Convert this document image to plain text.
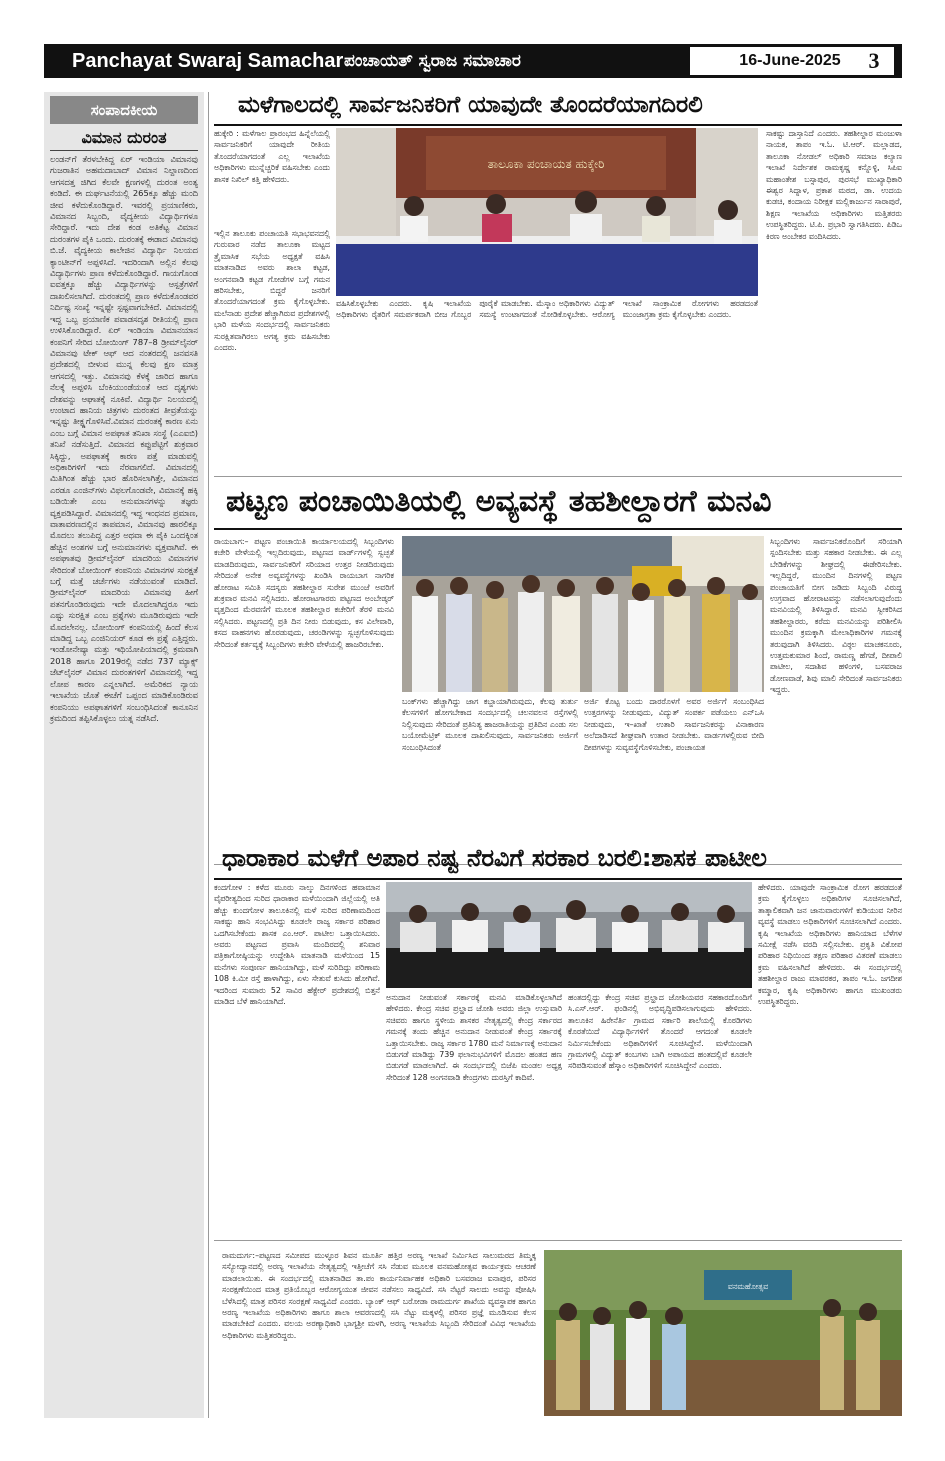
Panchayat Swaraj Samachar ಪಂಚಾಯತ್ ಸ್ವರಾಜ ಸಮಾಚಾರ	16-June-2025	3
ಸಂಪಾದಕೀಯ
ವಿಮಾನ ದುರಂತ
ಲಂಡನ್‌ಗೆ ತೆರಳಬೇಕಿದ್ದ ಏರ್ ಇಂಡಿಯಾ ವಿಮಾನವು ಗುಜರಾತಿನ ಅಹಮದಾಬಾದ್ ವಿಮಾನ ನಿಲ್ದಾಣದಿಂದ ಆಗಸದತ್ತ ಜಿಗಿದ ಕೆಲವೇ ಕ್ಷಣಗಳಲ್ಲಿ ದುರಂತ ಅಂತ್ಯ ಕಂಡಿದೆ. ಈ ದುರ್ಘಟನೆಯಲ್ಲಿ 265ಕ್ಕೂ ಹೆಚ್ಚು ಮಂದಿ ಜೀವ ಕಳೆದುಕೊಂಡಿದ್ದಾರೆ. ಇವರಲ್ಲಿ ಪ್ರಯಾಣಿಕರು, ವಿಮಾನದ ಸಿಬ್ಬಂದಿ, ವೈದ್ಯಕೀಯ ವಿದ್ಯಾರ್ಥಿಗಳೂ ಸೇರಿದ್ದಾರೆ. ಇದು ದೇಶ ಕಂಡ ಅತಿಕೆಟ್ಟ ವಿಮಾನ ದುರಂತಗಳ ಪೈಕಿ ಒಂದು. ದುರಂತಕ್ಕೆ ಈಡಾದ ವಿಮಾನವು ಬಿ.ಜೆ. ವೈದ್ಯಕೀಯ ಕಾಲೇಜಿನ ವಿದ್ಯಾರ್ಥಿ ನಿಲಯದ ಕ್ಯಾಂಟೀನ್‌ಗೆ ಅಪ್ಪಳಿಸಿದೆ. ಇದರಿಂದಾಗಿ ಅಲ್ಲಿನ ಕೆಲವು ವಿದ್ಯಾರ್ಥಿಗಳು ಪ್ರಾಣ ಕಳೆದುಕೊಂಡಿದ್ದಾರೆ. ಗಾಯಗೊಂಡ ಐವತ್ತಕ್ಕೂ ಹೆಚ್ಚು ವಿದ್ಯಾರ್ಥಿಗಳನ್ನು ಆಸ್ಪತ್ರೆಗಳಿಗೆ ದಾಖಲಿಸಲಾಗಿದೆ. ದುರಂತದಲ್ಲಿ ಪ್ರಾಣ ಕಳೆದುಕೊಂಡವರ ನಿರ್ದಿಷ್ಟ ಸಂಖ್ಯೆ ಇನ್ನಷ್ಟೇ ಸ್ಪಷ್ಟವಾಗಬೇಕಿದೆ. ವಿಮಾನದಲ್ಲಿ ಇದ್ದ ಒಬ್ಬ ಪ್ರಯಾಣಿಕ ಪವಾಡಸದೃಶ ರೀತಿಯಲ್ಲಿ ಪ್ರಾಣ ಉಳಿಸಿಕೊಂಡಿದ್ದಾರೆ. ಏರ್ ಇಂಡಿಯಾ ವಿಮಾನಯಾನ ಕಂಪನಿಗೆ ಸೇರಿದ ಬೋಯಿಂಗ್ 787–8 ಡ್ರೀಮ್‌ಲೈನರ್ ವಿಮಾನವು ಟೇಕ್ ಆಫ್ ಆದ ನಂತರದಲ್ಲಿ ಜನವಸತಿ ಪ್ರದೇಶದಲ್ಲಿ ಬೀಳುವ ಮುನ್ನ ಕೆಲವು ಕ್ಷಣ ಮಾತ್ರ ಆಗಸದಲ್ಲಿ ಇತ್ತು. ವಿಮಾನವು ಕೆಳಕ್ಕೆ ಜಾರಿದ ಹಾಗೂ ನೆಲಕ್ಕೆ ಅಪ್ಪಳಿಸಿ ಬೆಂಕಿಯುಂಡೆಯಂತೆ ಆದ ದೃಶ್ಯಗಳು ದೇಶವನ್ನು ಆಘಾತಕ್ಕೆ ನೂಕಿವೆ. ವಿದ್ಯಾರ್ಥಿ ನಿಲಯದಲ್ಲಿ ಉಂಟಾದ ಹಾನಿಯ ಚಿತ್ರಗಳು ದುರಂತದ ತೀವ್ರತೆಯನ್ನು ಇನ್ನಷ್ಟು ತೀಕ್ಷ್ಣಗೊಳಿಸಿವೆ.ವಿಮಾನ ದುರಂತಕ್ಕೆ ಕಾರಣ ಏನು ಎಂಬ ಬಗ್ಗೆ ವಿಮಾನ ಅಪಘಾತ ತನಿಖಾ ಸಂಸ್ಥೆ (ಎಎಐಬಿ) ತನಿಖೆ ನಡೆಸುತ್ತಿದೆ. ವಿಮಾನದ ಕಪ್ಪುಪೆಟ್ಟಿಗೆ ಶುಕ್ರವಾರ ಸಿಕ್ಕಿದ್ದು, ಅಪಘಾತಕ್ಕೆ ಕಾರಣ ಪತ್ತೆ ಮಾಡುವಲ್ಲಿ ಅಧಿಕಾರಿಗಳಿಗೆ ಇದು ನೆರವಾಗಲಿದೆ. ವಿಮಾನದಲ್ಲಿ ಮಿತಿಗಿಂತ ಹೆಚ್ಚು ಭಾರ ಹೊರಿಸಲಾಗಿತ್ತೇ, ವಿಮಾನದ ಎರಡೂ ಎಂಜಿನ್‌ಗಳು ವಿಫಲಗೊಂಡವೇ, ವಿಮಾನಕ್ಕೆ ಹಕ್ಕಿ ಬಡಿಯಿತೇ ಎಂಬ ಅನುಮಾನಗಳನ್ನು ತಜ್ಞರು ವ್ಯಕ್ತಪಡಿಸಿದ್ದಾರೆ. ವಿಮಾನದಲ್ಲಿ ಇದ್ದ ಇಂಧನದ ಪ್ರಮಾಣ, ವಾತಾವರಣದಲ್ಲಿನ ತಾಪಮಾನ, ವಿಮಾನವು ಹಾರಲಿಕ್ಕೂ ಮೊದಲು ತಲುಪಿದ್ದ ಎತ್ತರ ಅಥವಾ ಈ ಪೈಕಿ ಒಂದಕ್ಕಿಂತ ಹೆಚ್ಚಿನ ಅಂಶಗಳ ಬಗ್ಗೆ ಅನುಮಾನಗಳು ವ್ಯಕ್ತವಾಗಿವೆ. ಈ ಅಪಘಾತವು ಡ್ರೀಮ್‌ಲೈನರ್ ಮಾದರಿಯ ವಿಮಾನಗಳ ಸೇರಿದಂತೆ ಬೋಯಿಂಗ್ ಕಂಪನಿಯ ವಿಮಾನಗಳ ಸುರಕ್ಷತೆ ಬಗ್ಗೆ ಮತ್ತೆ ಚರ್ಚೆಗಳು ನಡೆಯುವಂತೆ ಮಾಡಿದೆ. ಡ್ರೀಮ್‌ಲೈನರ್ ಮಾದರಿಯ ವಿಮಾನವು ಹೀಗೆ ಪತನಗೊಂಡಿರುವುದು ಇದೇ ಮೊದಲಾಗಿದ್ದರೂ ಇದು ಎಷ್ಟು ಸುರಕ್ಷಿತ ಎಂಬ ಪ್ರಶ್ನೆಗಳು ಮೂಡಿರುವುದು ಇದೇ ಮೊದಲೇನಲ್ಲ. ಬೋಯಿಂಗ್ ಕಂಪನಿಯಲ್ಲಿ ಹಿಂದೆ ಕೆಲಸ ಮಾಡಿದ್ದ ಒಬ್ಬ ಎಂಜಿನಿಯರ್ ಕೂಡ ಈ ಪ್ರಶ್ನೆ ಎತ್ತಿದ್ದರು. ಇಂಡೋನೇಷ್ಯಾ ಮತ್ತು ಇಥಿಯೋಪಿಯಾದಲ್ಲಿ ಕ್ರಮವಾಗಿ 2018 ಹಾಗೂ 2019ರಲ್ಲಿ ನಡೆದ 737 ಮ್ಯಾಕ್ಸ್ ಜೆಟ್‌ಲೈನರ್ ವಿಮಾನ ದುರಂತಗಳಿಗೆ ವಿಮಾನದಲ್ಲಿ ಇದ್ದ ಲೋಪ ಕಾರಣ ಎನ್ನಲಾಗಿದೆ. ಅಮೆರಿಕದ ನ್ಯಾಯ ಇಲಾಖೆಯ ಜೊತೆ ಈಚೆಗೆ ಒಪ್ಪಂದ ಮಾಡಿಕೊಂಡಿರುವ ಕಂಪನಿಯು ಅಪಘಾತಗಳಿಗೆ ಸಂಬಂಧಿಸಿದಂತೆ ಕಾನೂನಿನ ಕ್ರಮದಿಂದ ತಪ್ಪಿಸಿಕೊಳ್ಳಲು ಯತ್ನ ನಡೆಸಿದೆ.
ಮಳೆಗಾಲದಲ್ಲಿ ಸಾರ್ವಜನಿಕರಿಗೆ ಯಾವುದೇ ತೊಂದರೆಯಾಗದಿರಲಿ
ಹುಕ್ಕೇರಿ : ಮಳೆಗಾಲ ಪ್ರಾರಂಭದ ಹಿನ್ನೆಲೆಯಲ್ಲಿ ಸಾರ್ವಜನಿಕರಿಗೆ ಯಾವುದೇ ರೀತಿಯ ತೊಂದರೆಯಾಗದಂತೆ ಎಲ್ಲ ಇಲಾಖೆಯ ಅಧಿಕಾರಿಗಳು ಮುನ್ನೆಚ್ಚರಿಕೆ ವಹಿಸಬೇಕು ಎಂದು ಶಾಸಕ ನಿಖಿಲ್ ಕತ್ತಿ ಹೇಳಿದರು.
ತಾಲೂಕಾ ಪಂಚಾಯತ ಹುಕ್ಕೇರಿ
ಇಲ್ಲಿನ ತಾಲೂಕು ಪಂಚಾಯತಿ ಸಭಾಭವನದಲ್ಲಿ ಗುರುವಾರ ನಡೆದ ತಾಲೂಕಾ ಮಟ್ಟದ ತ್ರೈಮಾಸಿಕ ಸಭೆಯ ಅಧ್ಯಕ್ಷತೆ ವಹಿಸಿ ಮಾತನಾಡಿದ ಅವರು ಶಾಲಾ ಕಟ್ಟಡ, ಅಂಗನವಾಡಿ ಕಟ್ಟಡ ಗೋಡೆಗಳ ಬಗ್ಗೆ ಗಮನ ಹರಿಸಬೇಕು, ಬಿದ್ದರೆ ಜನರಿಗೆ ತೊಂದರೆಯಾಗದಂತೆ ಕ್ರಮ ಕೈಗೊಳ್ಳಬೇಕು. ಮಲೆನಾಡು ಪ್ರದೇಶ ಹೆಚ್ಚಾಗಿರುವ ಪ್ರದೇಶಗಳಲ್ಲಿ ಭಾರಿ ಮಳೆಯ ಸಂದರ್ಭದಲ್ಲಿ ಸಾರ್ವಜನಿಕರು ಸುರಕ್ಷಿತವಾಗಿರಲು ಅಗತ್ಯ ಕ್ರಮ ವಹಿಸಬೇಕು ಎಂದರು.
ವಹಿಸಿಕೊಳ್ಳಬೇಕು ಎಂದರು. ಕೃಷಿ ಇಲಾಖೆಯ ಅಧಿಕಾರಿಗಳು ರೈತರಿಗೆ ಸಮರ್ಪಕವಾಗಿ ಬೀಜ ಗೊಬ್ಬರ ಪೂರೈಕೆ ಮಾಡಬೇಕು. ಮೆಸ್ಕಾಂ ಅಧಿಕಾರಿಗಳು ವಿದ್ಯುತ್ ಸಮಸ್ಯೆ ಉಂಟಾಗದಂತೆ ನೋಡಿಕೊಳ್ಳಬೇಕು. ಆರೋಗ್ಯ ಇಲಾಖೆ ಸಾಂಕ್ರಾಮಿಕ ರೋಗಗಳು ಹರಡದಂತೆ ಮುಂಜಾಗ್ರತಾ ಕ್ರಮ ಕೈಗೊಳ್ಳಬೇಕು ಎಂದರು.
ಸಾಕಷ್ಟು ದಾಸ್ತಾನಿದೆ ಎಂದರು. ತಹಶೀಲ್ದಾರ ಮಂಜುಳಾ ನಾಯಕ, ತಾಪಂ ಇ.ಓ. ಟಿ.ಆರ್. ಮಲ್ಲಾಡದ, ತಾಲೂಕಾ ನೋಡಲ್ ಅಧಿಕಾರಿ ಸಮಾಜ ಕಲ್ಯಾಣ ಇಲಾಖೆ ನಿರ್ದೇಶಕ ರಾಮಕೃಷ್ಣ ಕನ್ನೊಳ್ಳಿ, ಸಿಪಿಐ ಮಹಾಂತೇಶ ಬಸ್ಸಾಪುರ, ಪುರಸಭೆ ಮುಖ್ಯಾಧಿಕಾರಿ ಈಶ್ವರ ಸಿದ್ನಾಳ, ಪ್ರಕಾಶ ಮಠದ, ಡಾ. ಉದಯ ಕುಡಚಿ, ಕಂದಾಯ ನಿರೀಕ್ಷಕ ಮಲ್ಲಿಕಾರ್ಜುನ ಸಾರಾಪುರೆ, ಶಿಕ್ಷಣ ಇಲಾಖೆಯ ಅಧಿಕಾರಿಗಳು ಮತ್ತಿತರರು ಉಪಸ್ಥಿತರಿದ್ದರು. ಟಿ.ಪಿ. ಪ್ರಭಾರಿ ಸ್ವಾಗತಿಸಿದರು. ಪಿಡಿಒ ಕಿರಣ ಅಂಬೇಕರ ವಂದಿಸಿದರು.
ಪಟ್ಟಣ ಪಂಚಾಯಿತಿಯಲ್ಲಿ ಅವ್ಯವಸ್ಥೆ ತಹಶೀಲ್ದಾರಗೆ ಮನವಿ
ರಾಯಬಾಗ:– ಪಟ್ಟಣ ಪಂಚಾಯಿತಿ ಕಾರ್ಯಾಲಯದಲ್ಲಿ ಸಿಬ್ಬಂದಿಗಳು ಕಚೇರಿ ವೇಳೆಯಲ್ಲಿ ಇಲ್ಲದಿರುವುದು, ಪಟ್ಟಣದ ವಾರ್ಡ್‌ಗಳಲ್ಲಿ ಸ್ವಚ್ಛತೆ ಮಾಡದಿರುವುದು, ಸಾರ್ವಜನಿಕರಿಗೆ ಸರಿಯಾದ ಉತ್ತರ ನೀಡದಿರುವುದು ಸೇರಿದಂತೆ ಅನೇಕ ಅವ್ಯವಸ್ಥೆಗಳನ್ನು ಖಂಡಿಸಿ ರಾಯಬಾಗ ನಾಗರಿಕ ಹೋರಾಟ ಸಮಿತಿ ಸದಸ್ಯರು ತಹಶೀಲ್ದಾರ ಸುರೇಶ ಮುಂಜೆ ಅವರಿಗೆ ಶುಕ್ರವಾರ ಮನವಿ ಸಲ್ಲಿಸಿದರು. ಹೋರಾಟಗಾರರು ಪಟ್ಟಣದ ಅಂಬೇಡ್ಕರ್ ವೃತ್ತದಿಂದ ಮೆರವಣಿಗೆ ಮೂಲಕ ತಹಶೀಲ್ದಾರ ಕಚೇರಿಗೆ ತೆರಳಿ ಮನವಿ ಸಲ್ಲಿಸಿದರು. ಪಟ್ಟಣದಲ್ಲಿ ಪ್ರತಿ ದಿನ ನೀರು ಬಿಡುವುದು, ಕಸ ವಿಲೇವಾರಿ, ಕಸದ ವಾಹನಗಳು ಹೊರಡುವುದು, ಚರಂಡಿಗಳನ್ನು ಸ್ವಚ್ಛಗೊಳಿಸುವುದು ಸೇರಿದಂತೆ ಕರ್ತವ್ಯಕ್ಕೆ ಸಿಬ್ಬಂದಿಗಳು ಕಚೇರಿ ವೇಳೆಯಲ್ಲಿ ಹಾಜರಿರಬೇಕು.
ಬಂಕ್‌ಗಳು ಹೆಚ್ಚಾಗಿದ್ದು ಜಾಗ ಕಬ್ಜಾಯಾಗಿರುವುದು, ಕೆಲವು ತುರ್ತು ಕೆಲಸಗಳಿಗೆ ಹೋಗಬೇಕಾದ ಸಂದರ್ಭದಲ್ಲಿ ಚಲನವಲನ ರಸ್ತೆಗಳಲ್ಲಿ ನಿಲ್ಲಿಸುವುದು ಸೇರಿದಂತೆ ಪ್ರತಿನಿತ್ಯ ಹಾಜರಾತಿಯನ್ನು ಪ್ರತಿದಿನ ಎಂಡು ಸಲ ಬಯೋಮೆಟ್ರಿಕ್ ಮೂಲಕ ದಾಖಲಿಸುವುದು, ಸಾರ್ವಜನಿಕರು ಅರ್ಜಿಗೆ ಸಂಬಂಧಿಸಿದಂತೆ
ಅರ್ಜಿ ಕೊಟ್ಟ ಬಂದು ದಾರರೊಳಗೆ ಅವರ ಅರ್ಜಿಗೆ ಸಂಬಂಧಿಸಿದ ಉತ್ತರಗಳನ್ನು ನೀಡುವುದು, ವಿದ್ಯುತ್ ಸಂಪರ್ಕ ಪಡೆಯಲು ಎನ್‌ಒಸಿ ನೀಡುವುದು, ಇ–ಖಾತೆ ಉತಾರಿ ಸಾರ್ವಜನಿಕರನ್ನು ವಿನಾಕಾರಣ ಅಲೆದಾಡಿಸದೆ ಶೀಘ್ರವಾಗಿ ಉತಾರ ನೀಡಬೇಕು. ವಾರ್ಡಗಳಲ್ಲಿರುವ ಬೀದಿ ದೀಪಗಳನ್ನು ಸುವ್ಯವಸ್ಥೆಗೊಳಿಸಬೇಕು, ಪಂಚಾಯತ
ಸಿಬ್ಬಂದಿಗಳು ಸಾರ್ವಜನಿಕರೊಂದಿಗೆ ಸರಿಯಾಗಿ ಸ್ಪಂದಿಸಬೇಕು ಮತ್ತು ಸಹಕಾರ ನೀಡಬೇಕು. ಈ ಎಲ್ಲ ಬೇಡಿಕೆಗಳನ್ನು ಶೀಘ್ರದಲ್ಲಿ ಈಡೇರಿಸಬೇಕು. ಇಲ್ಲದಿದ್ದರೆ, ಮುಂದಿನ ದಿನಗಳಲ್ಲಿ ಪಟ್ಟಣ ಪಂಚಾಯತಿಗೆ ಬೀಗ ಜಡಿದು ಸಿಬ್ಬಂದಿ ವಿರುದ್ಧ ಉಗ್ರವಾದ ಹೋರಾಟವನ್ನು ನಡೆಸಲಾಗುವುದೆಂದು ಮನವಿಯಲ್ಲಿ ತಿಳಿಸಿದ್ದಾರೆ. ಮನವಿ ಸ್ವೀಕರಿಸಿದ ತಹಶೀಲ್ದಾರರು, ಕರೆದು ಮನವಿಯನ್ನು ಪರಿಶೀಲಿಸಿ ಮುಂದಿನ ಕ್ರಮಕ್ಕಾಗಿ ಮೇಲಾಧಿಕಾರಿಗಳ ಗಮನಕ್ಕೆ ತರುವುದಾಗಿ ತಿಳಿಸಿದರು. ವಿಠ್ಠಲ ಮಾಚಕನೂರು, ಉತ್ತಮಕುಮಾರ ಶಿಂದೆ, ರಾಮಣ್ಣ ಹೆಗಡೆ, ದೀಪಾಲಿ ಪಾಟೀಲ, ಸದಾಶಿವ ಹಳಿಂಗಳಿ, ಬಸವರಾಜ ಡೋಣವಾಡೆ, ಶಿವು ಮಾಲಿ ಸೇರಿದಂತೆ ಸಾರ್ವಜನಿಕರು ಇದ್ದರು.
ಧಾರಾಕಾರ ಮಳೆಗೆ ಅಪಾರ ನಷ್ಟ ನೆರವಿಗೆ ಸರಕಾರ ಬರಲಿ:ಶಾಸಕ ಪಾಟೀಲ
ಕಂದಗೋಳ : ಕಳೆದ ಮೂರು ನಾಲ್ಕು ದಿನಗಳಿಂದ ಹವಾಮಾನ ವೈಪರೀತ್ಯದಿಂದ ಸುರಿದ ಧಾರಾಕಾರ ಮಳೆಯಿಂದಾಗಿ ಜಿಲ್ಲೆಯಲ್ಲಿ ಅತಿ ಹೆಚ್ಚು ಕುಂದಗೋಳ ತಾಲೂಕಿನಲ್ಲಿ ಮಳೆ ಸುರಿದ ಪರಿಣಾಮದಿಂದ ಸಾಕಷ್ಟು ಹಾನಿ ಸಂಭವಿಸಿದ್ದು ಕೂಡಲೇ ರಾಜ್ಯ ಸರ್ಕಾರ ಪರಿಹಾರ ಒದಗಿಸಬೇಕೆಂದು ಶಾಸಕ ಎಂ.ಆರ್. ಪಾಟೀಲ ಒತ್ತಾಯಿಸಿದರು. ಅವರು ಪಟ್ಟಣದ ಪ್ರವಾಸಿ ಮಂದಿರದಲ್ಲಿ ಶನಿವಾರ ಪತ್ರಿಕಾಗೋಷ್ಠಿಯನ್ನು ಉದ್ದೇಶಿಸಿ ಮಾತನಾಡಿ ಮಳೆಯಿಂದ 15 ಮನೆಗಳು ಸಂಪೂರ್ಣ ಹಾನಿಯಾಗಿದ್ದು, ಮಳೆ ಸುರಿದಿದ್ದು ಪರಿಣಾಮ 108 ಕಿ.ಮೀ ರಸ್ತೆ ಹಾಳಾಗಿದ್ದು, ಏಳು ಸೇತುವೆ ಕುಸಿದು ಹೋಗಿವೆ. ಇದರಿಂದ ಸುಮಾರು 52 ಸಾವಿರ ಹೆಕ್ಟೇರ್ ಪ್ರದೇಶದಲ್ಲಿ ಬಿತ್ತನೆ ಮಾಡಿದ ಬೆಳೆ ಹಾನಿಯಾಗಿದೆ.	ಅನುದಾನ ನೀಡುವಂತೆ ಸರ್ಕಾರಕ್ಕೆ ಮನವಿ ಮಾಡಿಕೊಳ್ಳಲಾಗಿದೆ ಹೇಳಿದರು. ಕೇಂದ್ರ ಸಚಿವ ಪ್ರಲ್ಹಾದ ಜೋಶಿ ಅವರು ಜಿಲ್ಲಾ ಉಸ್ತುವಾರಿ ಸಚಿವರು ಹಾಗೂ ಸ್ಥಳೀಯ ಶಾಸಕರ ನೇತೃತ್ವದಲ್ಲಿ ಕೇಂದ್ರ ಸರ್ಕಾರದ ಗಮನಕ್ಕೆ ತಂದು ಹೆಚ್ಚಿನ ಅನುದಾನ ನೀಡುವಂತೆ ಕೇಂದ್ರ ಸರ್ಕಾರಕ್ಕೆ ಒತ್ತಾಯಿಸಬೇಕು. ರಾಜ್ಯ ಸರ್ಕಾರ 1780 ಮನೆ ನಿರ್ಮಾಣಕ್ಕೆ ಅನುದಾನ ಬಿಡುಗಡೆ ಮಾಡಿದ್ದು 739 ಫಲಾನುಭವಿಗಳಿಗೆ ಮೊದಲ ಹಂತದ ಹಣ ಬಿಡುಗಡೆ ಮಾಡಲಾಗಿದೆ. ಈ ಸಂದರ್ಭದಲ್ಲಿ ಬಿಜೆಪಿ ಮಂಡಲ ಅಧ್ಯಕ್ಷ ಸೇರಿದಂತೆ 128 ಅಂಗನವಾಡಿ ಕೇಂದ್ರಗಳು ದುರಸ್ತಿಗೆ ಕಾದಿವೆ.
ಹಂತದಲ್ಲಿದ್ದು ಕೇಂದ್ರ ಸಚಿವ ಪ್ರಲ್ಹಾದ ಜೋಶಿಯವರ ಸಹಕಾರದೊಂದಿಗೆ ಸಿ.ಎಸ್.ಆರ್. ಫಂಡಿನಲ್ಲಿ ಅಭಿವೃದ್ಧಿಪಡಿಸಲಾಗುವುದು ಹೇಳಿದರು. ತಾಲೂಕಿನ ಹಿರೇನೆರ್ತಿ ಗ್ರಾಮದ ಸರ್ಕಾರಿ ಶಾಲೆಯಲ್ಲಿ ಕೊಠಡಿಗಳು ಕೊರತೆಯಿದೆ ವಿದ್ಯಾರ್ಥಿಗಳಿಗೆ ತೊಂದರೆ ಆಗದಂತೆ ಕೂಡಲೇ ನಿರ್ಮಿಸಬೇಕೆಂದು ಅಧಿಕಾರಿಗಳಿಗೆ ಸೂಚಿಸಿದ್ದೇನೆ. ಮಳೆಯಿಂದಾಗಿ ಗ್ರಾಮಗಳಲ್ಲಿ ವಿದ್ಯುತ್ ಕಂಬಗಳು ಬಾಗಿ ಅಪಾಯದ ಹಂತದಲ್ಲಿವೆ ಕೂಡಲೇ ಸರಿಪಡಿಸುವಂತೆ ಹೆಸ್ಕಾಂ ಅಧಿಕಾರಿಗಳಿಗೆ ಸೂಚಿಸಿದ್ದೇನೆ ಎಂದರು.
ಹೇಳಿದರು. ಯಾವುದೇ ಸಾಂಕ್ರಾಮಿಕ ರೋಗ ಹರಡದಂತೆ ಕ್ರಮ ಕೈಗೊಳ್ಳಲು ಅಧಿಕಾರಿಗಳ ಸೂಚಿಸಲಾಗಿದೆ, ತಾತ್ಕಾಲಿಕವಾಗಿ ಜನ ಜಾನುವಾರುಗಳಿಗೆ ಕುಡಿಯುವ ನೀರಿನ ವ್ಯವಸ್ಥೆ ಮಾಡಲು ಅಧಿಕಾರಿಗಳಿಗೆ ಸೂಚಿಸಲಾಗಿದೆ ಎಂದರು. ಕೃಷಿ ಇಲಾಖೆಯ ಅಧಿಕಾರಿಗಳು ಹಾನಿಯಾದ ಬೆಳೆಗಳ ಸಮೀಕ್ಷೆ ನಡೆಸಿ ವರದಿ ಸಲ್ಲಿಸಬೇಕು. ಪ್ರಕೃತಿ ವಿಕೋಪ ಪರಿಹಾರ ನಿಧಿಯಿಂದ ತಕ್ಷಣ ಪರಿಹಾರ ವಿತರಣೆ ಮಾಡಲು ಕ್ರಮ ವಹಿಸಲಾಗಿದೆ ಹೇಳಿದರು. ಈ ಸಂದರ್ಭದಲ್ಲಿ ತಹಶೀಲ್ದಾರ ರಾಜು ಮಾವರಕರ, ತಾಪಂ ಇ.ಓ. ಜಗದೀಶ ಕಮ್ಮಾರ, ಕೃಷಿ ಅಧಿಕಾರಿಗಳು ಹಾಗೂ ಮುಖಂಡರು ಉಪಸ್ಥಿತರಿದ್ದರು.
ರಾಮದುರ್ಗ:–ಪಟ್ಟಣದ ಸಮೀಪದ ಮುಳ್ಳೂರ ಶಿವನ ಮೂರ್ತಿ ಹತ್ತಿರ ಅರಣ್ಯ ಇಲಾಖೆ ನಿರ್ಮಿಸಿದ ಸಾಲುಮರದ ತಿಮ್ಮಕ್ಕ ಸಸ್ಯೋದ್ಯಾನದಲ್ಲಿ ಅರಣ್ಯ ಇಲಾಖೆಯ ನೇತೃತ್ವದಲ್ಲಿ ಇತ್ತೀಚೆಗೆ ಸಸಿ ನೆಡುವ ಮೂಲಕ ವನಮಹೋತ್ಸವ ಕಾರ್ಯಕ್ರಮ ಆಚರಣೆ ಮಾಡಲಾಯಿತು. ಈ ಸಂದರ್ಭದಲ್ಲಿ ಮಾತನಾಡಿದ ತಾ.ಪಂ ಕಾರ್ಯನಿರ್ವಾಹಕ ಅಧಿಕಾರಿ ಬಸವರಾಜ ಐನಾಪುರ, ಪರಿಸರ ಸಂರಕ್ಷಣೆಯಿಂದ ಮಾತ್ರ ಪ್ರತಿಯೊಬ್ಬರ ಆರೋಗ್ಯಯುತ ಜೀವನ ನಡೆಸಲು ಸಾಧ್ಯವಿದೆ. ಸಸಿ ನೆಟ್ಟರೆ ಸಾಲದು ಅವನ್ನು ಪೋಷಿಸಿ ಬೆಳೆಸಿದಲ್ಲಿ ಮಾತ್ರ ಪರಿಸರ ಸಂರಕ್ಷಣೆ ಸಾಧ್ಯವಿದೆ ಎಂದರು. ಬ್ಯಾಂಕ್ ಆಫ್ ಬರೋಡಾ ರಾಮದುರ್ಗ ಶಾಖೆಯ ವ್ಯವಸ್ಥಾಪಕ ಹಾಗೂ ಅರಣ್ಯ ಇಲಾಖೆಯ ಅಧಿಕಾರಿಗಳು ಹಾಗೂ ಶಾಲಾ ಆವರಣದಲ್ಲಿ ಸಸಿ ನೆಟ್ಟು ಮಕ್ಕಳಲ್ಲಿ ಪರಿಸರ ಪ್ರಜ್ಞೆ ಮೂಡಿಸುವ ಕೆಲಸ ಮಾಡಬೇಕಿದೆ ಎಂದರು. ವಲಯ ಅರಣ್ಯಾಧಿಕಾರಿ ಭಾಗ್ಯಶ್ರೀ ಮಳಗಿ, ಅರಣ್ಯ ಇಲಾಖೆಯ ಸಿಬ್ಬಂದಿ ಸೇರಿದಂತೆ ವಿವಿಧ ಇಲಾಖೆಯ ಅಧಿಕಾರಿಗಳು ಮತ್ತಿತರರಿದ್ದರು.
ವನಮಹೋತ್ಸವ
